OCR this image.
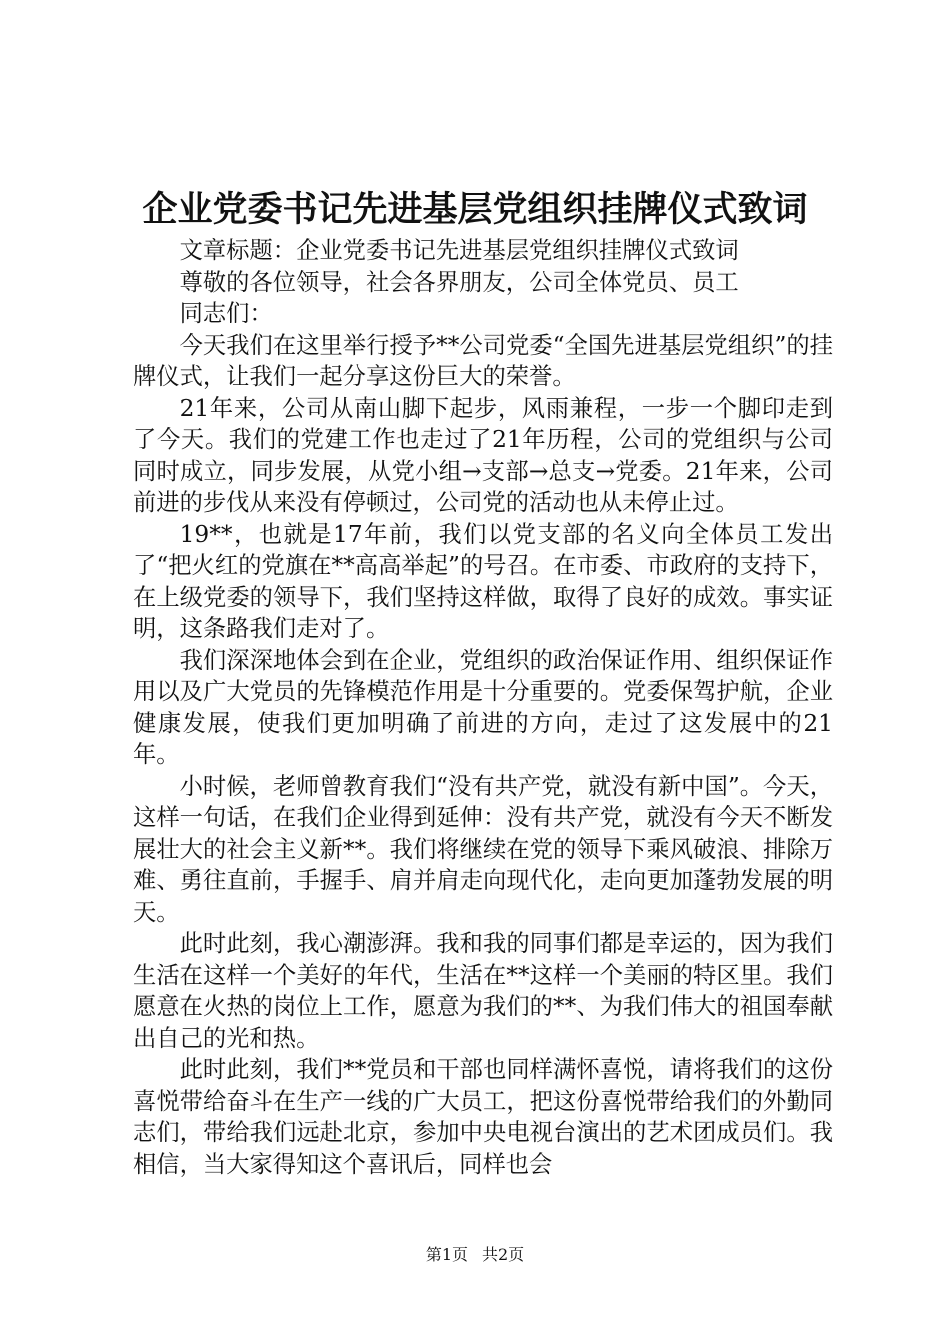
企业党委书记先进基层党组织挂牌仪式致词

文章标题：企业党委书记先进基层党组织挂牌仪式致词

尊敬的各位领导，社会各界朋友，公司全体党员、员工

同志们：

今天我们在这里举行授予**公司党委“全国先进基层党组织”的挂牌仪式，让我们一起分享这份巨大的荣誉。

21年来，公司从南山脚下起步，风雨兼程，一步一个脚印走到了今天。我们的党建工作也走过了21年历程，公司的党组织与公司同时成立，同步发展，从党小组→支部→总支→党委。21年来，公司前进的步伐从来没有停顿过，公司党的活动也从未停止过。

19**，也就是17年前，我们以党支部的名义向全体员工发出了“把火红的党旗在**高高举起”的号召。在市委、市政府的支持下，在上级党委的领导下，我们坚持这样做，取得了良好的成效。事实证明，这条路我们走对了。

我们深深地体会到在企业，党组织的政治保证作用、组织保证作用以及广大党员的先锋模范作用是十分重要的。党委保驾护航，企业健康发展，使我们更加明确了前进的方向，走过了这发展中的21年。

小时候，老师曾教育我们“没有共产党，就没有新中国”。今天，这样一句话，在我们企业得到延伸：没有共产党，就没有今天不断发展壮大的社会主义新**。我们将继续在党的领导下乘风破浪、排除万难、勇往直前，手握手、肩并肩走向现代化，走向更加蓬勃发展的明天。

此时此刻，我心潮澎湃。我和我的同事们都是幸运的，因为我们生活在这样一个美好的年代，生活在**这样一个美丽的特区里。我们愿意在火热的岗位上工作，愿意为我们的**、为我们伟大的祖国奉献出自己的光和热。

此时此刻，我们**党员和干部也同样满怀喜悦，请将我们的这份喜悦带给奋斗在生产一线的广大员工，把这份喜悦带给我们的外勤同志们，带给我们远赴北京，参加中央电视台演出的艺术团成员们。我相信，当大家得知这个喜讯后，同样也会

第1页 共2页
